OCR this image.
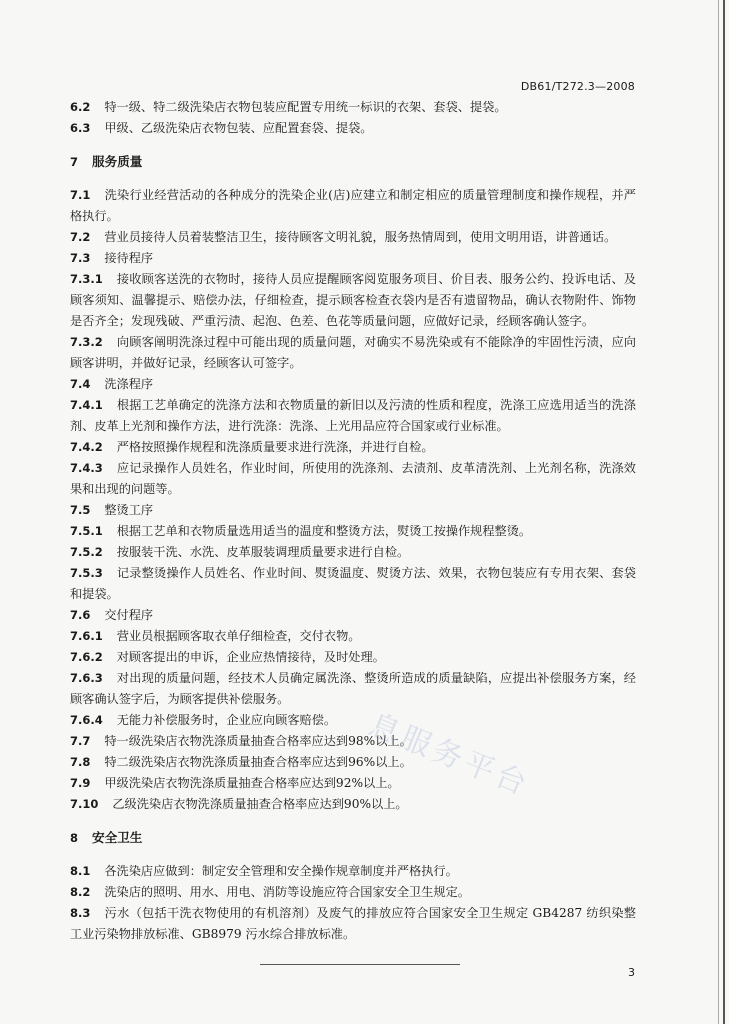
DB61/T272.3—2008

6.2 特一级、特二级洗染店衣物包装应配置专用统一标识的衣架、套袋、提袋。

6.3 甲级、乙级洗染店衣物包装、应配置套袋、提袋。

7 服务质量

7.1 洗染行业经营活动的各种成分的洗染企业(店)应建立和制定相应的质量管理制度和操作规程，并严格执行。

7.2 营业员接待人员着装整洁卫生，接待顾客文明礼貌，服务热情周到，使用文明用语，讲普通话。

7.3 接待程序

7.3.1 接收顾客送洗的衣物时，接待人员应提醒顾客阅览服务项目、价目表、服务公约、投诉电话、及顾客须知、温馨提示、赔偿办法，仔细检查，提示顾客检查衣袋内是否有遗留物品，确认衣物附件、饰物是否齐全；发现残破、严重污渍、起泡、色差、色花等质量问题，应做好记录，经顾客确认签字。

7.3.2 向顾客阐明洗涤过程中可能出现的质量问题，对确实不易洗染或有不能除净的牢固性污渍，应向顾客讲明，并做好记录，经顾客认可签字。

7.4 洗涤程序

7.4.1 根据工艺单确定的洗涤方法和衣物质量的新旧以及污渍的性质和程度，洗涤工应选用适当的洗涤剂、皮革上光剂和操作方法，进行洗涤：洗涤、上光用品应符合国家或行业标准。

7.4.2 严格按照操作规程和洗涤质量要求进行洗涤，并进行自检。

7.4.3 应记录操作人员姓名，作业时间，所使用的洗涤剂、去渍剂、皮革清洗剂、上光剂名称，洗涤效果和出现的问题等。

7.5 整烫工序

7.5.1 根据工艺单和衣物质量选用适当的温度和整烫方法，熨烫工按操作规程整烫。

7.5.2 按服装干洗、水洗、皮革服装调理质量要求进行自检。

7.5.3 记录整烫操作人员姓名、作业时间、熨烫温度、熨烫方法、效果，衣物包装应有专用衣架、套袋和提袋。

7.6 交付程序

7.6.1 营业员根据顾客取衣单仔细检查，交付衣物。

7.6.2 对顾客提出的申诉，企业应热情接待，及时处理。

7.6.3 对出现的质量问题，经技术人员确定属洗涤、整烫所造成的质量缺陷，应提出补偿服务方案，经顾客确认签字后，为顾客提供补偿服务。

7.6.4 无能力补偿服务时，企业应向顾客赔偿。

7.7 特一级洗染店衣物洗涤质量抽查合格率应达到98%以上。

7.8 特二级洗染店衣物洗涤质量抽查合格率应达到96%以上。

7.9 甲级洗染店衣物洗涤质量抽查合格率应达到92%以上。

7.10 乙级洗染店衣物洗涤质量抽查合格率应达到90%以上。

8 安全卫生

8.1 各洗染店应做到：制定安全管理和安全操作规章制度并严格执行。

8.2 洗染店的照明、用水、用电、消防等设施应符合国家安全卫生规定。

8.3 污水（包括干洗衣物使用的有机溶剂）及废气的排放应符合国家安全卫生规定 GB4287 纺织染整工业污染物排放标准、GB8979 污水综合排放标准。

息服务平台
3
